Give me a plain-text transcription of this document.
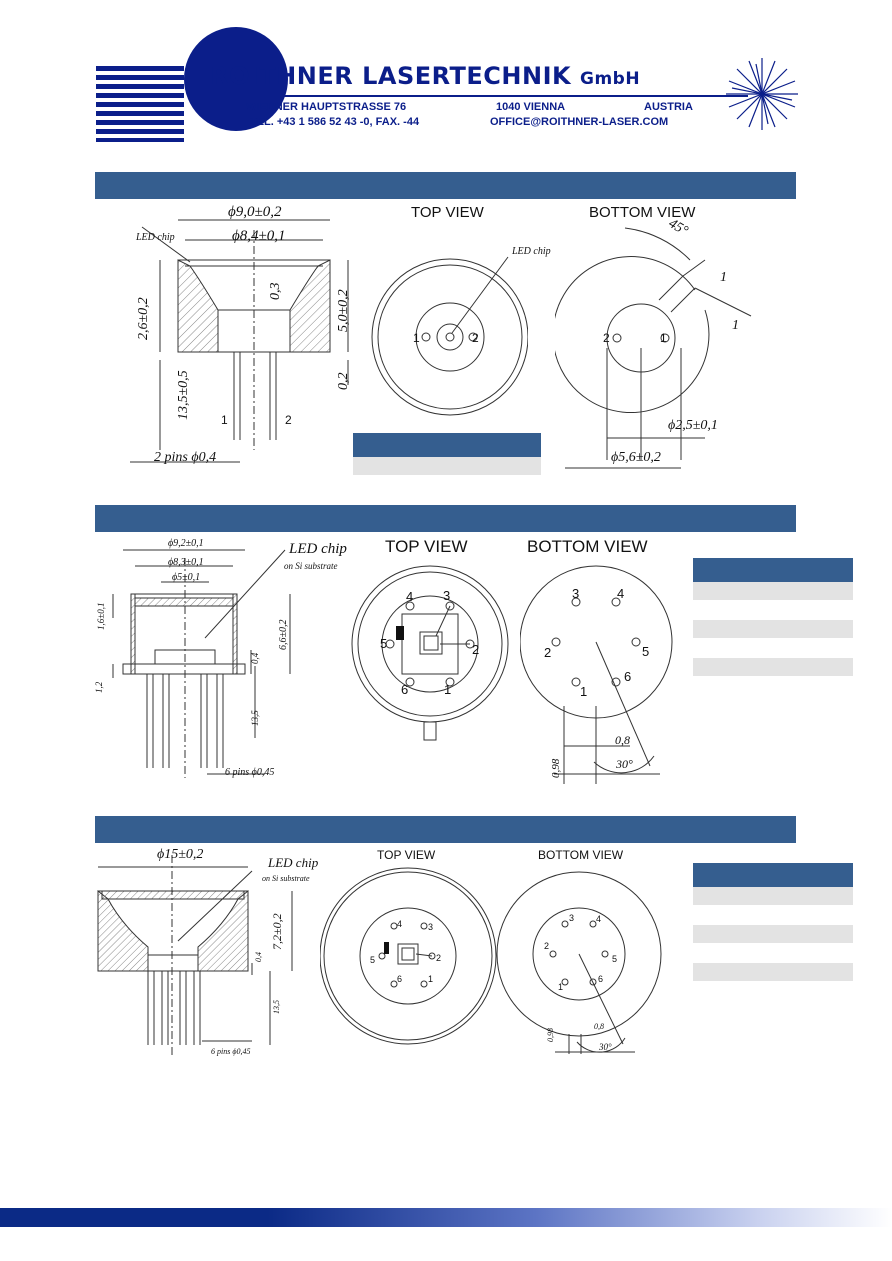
ROITHNER LASERTECHNIK GmbH
WIEDNER HAUPTSTRASSE 76	1040 VIENNA	AUSTRIA
TEL. +43 1 586 52 43 -0, FAX. -44	OFFICE@ROITHNER-LASER.COM
ϕ9,0±0,2
ϕ8,4±0,1
LED chip
2,6±0,2
0,3	5,0±0,2
0,2
13,5±0,5	1	2
2 pins ϕ0,4
TOP VIEW
LED chip
1	2
BOTTOM VIEW
45°
1
1
2	1
ϕ2,5±0,1
ϕ5,6±0,2

ϕ9,2±0,1
ϕ8,3±0,1
ϕ5±0,1
LED chip
on Si substrate
1,6±0,1
6,6±0,2
0,4
1,2
13,5
6 pins ϕ0,45
TOP VIEW
4 3
5	2
6	1
BOTTOM VIEW
3	4
2	5
1
6
0,8
0,98	30°

ϕ15±0,2
LED chip
on Si substrate
7,2±0,2
0,4
13,5
6 pins ϕ0,45
TOP VIEW
4	3
5	2
6	1
BOTTOM VIEW
3 4
2
5
1
6
0,8
0,98
30°
